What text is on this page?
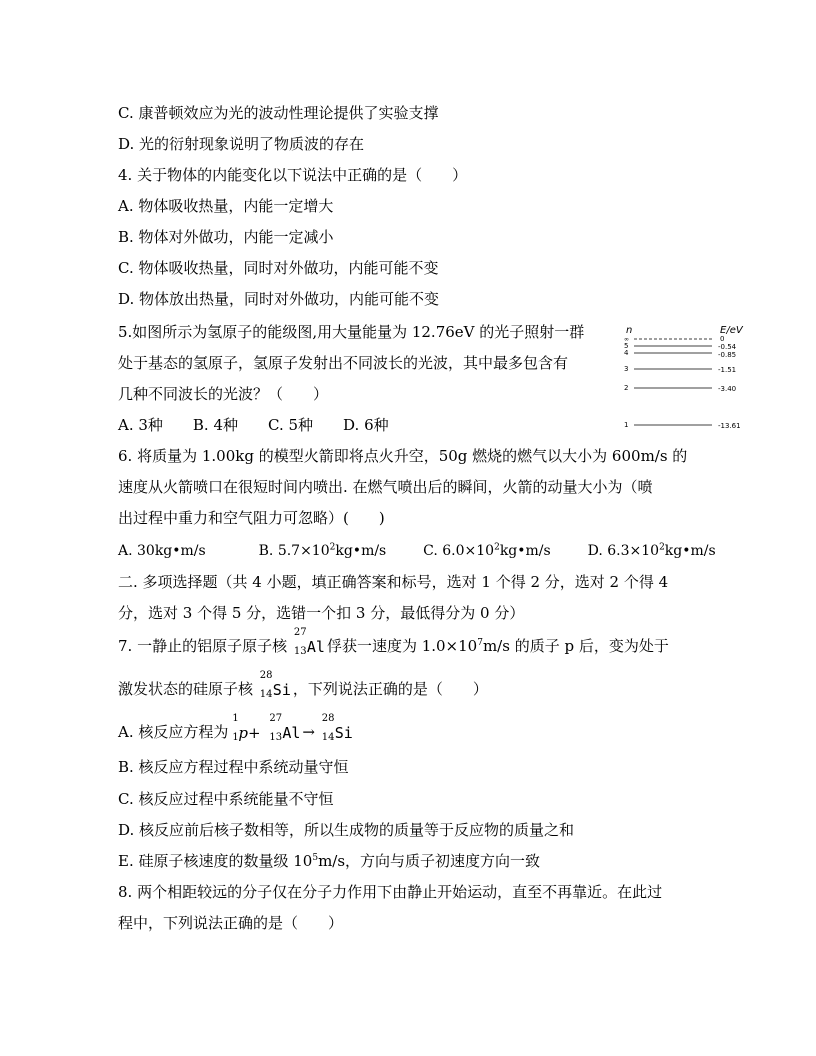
C. 康普顿效应为光的波动性理论提供了实验支撑
D. 光的衍射现象说明了物质波的存在
4. 关于物体的内能变化以下说法中正确的是（　　）
A. 物体吸收热量，内能一定增大
B. 物体对外做功，内能一定减小
C. 物体吸收热量，同时对外做功，内能可能不变
D. 物体放出热量，同时对外做功，内能可能不变
5.如图所示为氢原子的能级图,用大量能量为 12.76eV 的光子照射一群
处于基态的氢原子，氢原子发射出不同波长的光波，其中最多包含有
几种不同波长的光波？（　　）
A. 3种　　B. 4种　　C. 5种　　D. 6种
n	E/eV
∞	0
5	-0.54
4	-0.85
3	-1.51
2	-3.40
1	-13.61
6. 将质量为 1.00kg 的模型火箭即将点火升空，50g 燃烧的燃气以大小为 600m/s 的
速度从火箭喷口在很短时间内喷出. 在燃气喷出后的瞬间，火箭的动量大小为（喷
出过程中重力和空气阻力可忽略）(　　)
A. 30kg•m/s	B. $5.7\times 10^2kg•m/s$	C. $6.0\times 10^2kg•m/s$	D. $6.3\times 10^2kg•m/s$
二. 多项选择题（共 4 小题，填正确答案和标号，选对 1 个得 2 分，选对 2 个得 4
分，选对 3 个得 5 分，选错一个扣 3 分，最低得分为 0 分）
7. 一静止的铝原子原子核
27
13 Al 俘获一速度为 $1.0\times 10^7m/s$ 的质子 p 后，变为处于
激发状态的硅原子核
28
14 Si ，下列说法正确的是（　　）
A. 核反应方程为
1
1 p+
27
13 Al →
28
14 Si
B. 核反应方程过程中系统动量守恒
C. 核反应过程中系统能量不守恒
D. 核反应前后核子数相等，所以生成物的质量等于反应物的质量之和
E. 硅原子核速度的数量级 $10^5m/s$，方向与质子初速度方向一致
8. 两个相距较远的分子仅在分子力作用下由静止开始运动，直至不再靠近。在此过
程中，下列说法正确的是（　　）
